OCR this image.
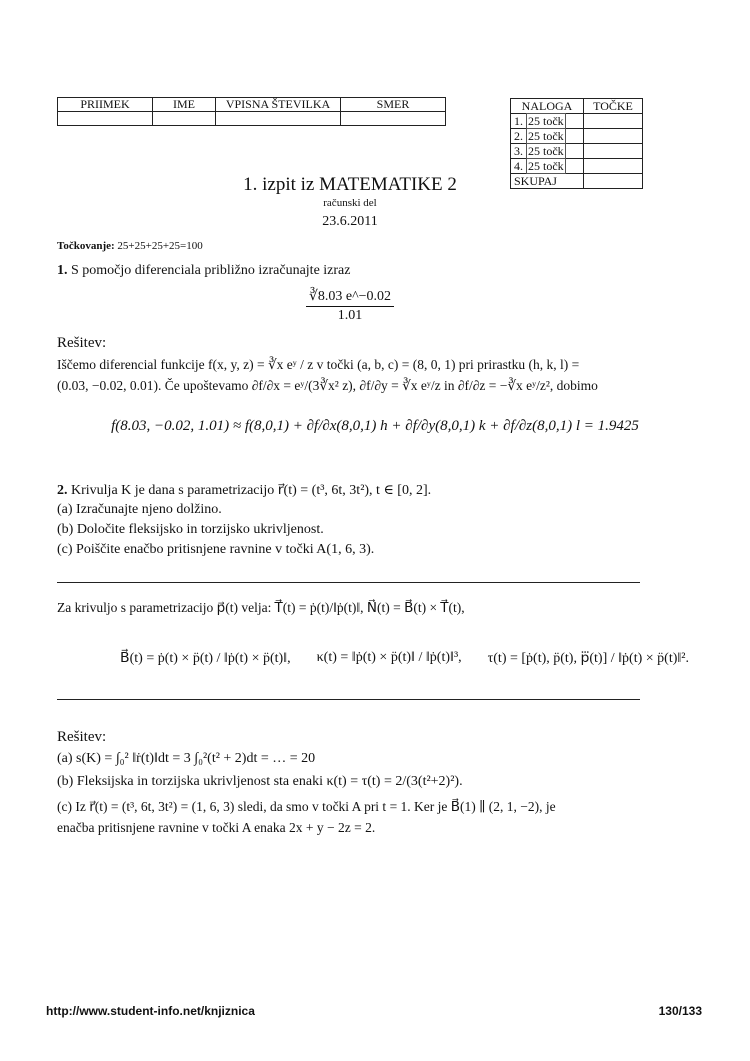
PRIIMEK	IME	VPISNA ŠTEVILKA	SMER
				NALOGA	TOČKE
1. 25 točk	
2. 25 točk	
3. 25 točk	
4. 25 točk	
SKUPAJ	
1. izpit iz MATEMATIKE 2
računski del
23.6.2011
Točkovanje: 25+25+25+25=100
1. S pomočjo diferenciala približno izračunajte izraz
$\frac{∛8.03 e\^{}-0.02}{1.01}$
Rešitev:
Iščemo diferencial funkcije f(x, y, z) = ∛x eʸ / z v točki (a, b, c) = (8, 0, 1) pri prirastku (h, k, l) =
(0.03, −0.02, 0.01). Če upoštevamo ∂f/∂x = eʸ/(3∛x² z), ∂f/∂y = ∛x eʸ/z in ∂f/∂z = −∛x eʸ/z², dobimo
f(8.03, −0.02, 1.01) ≈ f(8,0,1) + ∂f/∂x(8,0,1) h + ∂f/∂y(8,0,1) k + ∂f/∂z(8,0,1) l = 1.9425
2. Krivulja K je dana s parametrizacijo r⃗(t) = (t³, 6t, 3t²), t ∈ [0, 2].
(a) Izračunajte njeno dolžino.
(b) Določite fleksijsko in torzijsko ukrivljenost.
(c) Poiščite enačbo pritisnjene ravnine v točki A(1, 6, 3).
Za krivuljo s parametrizacijo p⃗(t) velja: T⃗(t) = ṗ(t)/‖ṗ(t)‖, N⃗(t) = B⃗(t) × T⃗(t),
B⃗(t) = ṗ(t) × p̈(t) / ‖ṗ(t) × p̈(t)‖, κ(t) = ‖ṗ(t) × p̈(t)‖ / ‖ṗ(t)‖³, τ(t) = [ṗ(t), p̈(t), p⃛(t)] / ‖ṗ(t) × p̈(t)‖².
Rešitev:
(a) s(K) = ∫₀² ‖ṙ(t)‖dt = 3 ∫₀²(t² + 2)dt = … = 20
(b) Fleksijska in torzijska ukrivljenost sta enaki κ(t) = τ(t) = 2/(3(t²+2)²).
(c) Iz r⃗(t) = (t³, 6t, 3t²) = (1, 6, 3) sledi, da smo v točki A pri t = 1. Ker je B⃗(1) ∥ (2, 1, −2), je
enačba pritisnjene ravnine v točki A enaka 2x + y − 2z = 2.
http://www.student-info.net/knjiznica	130/133
